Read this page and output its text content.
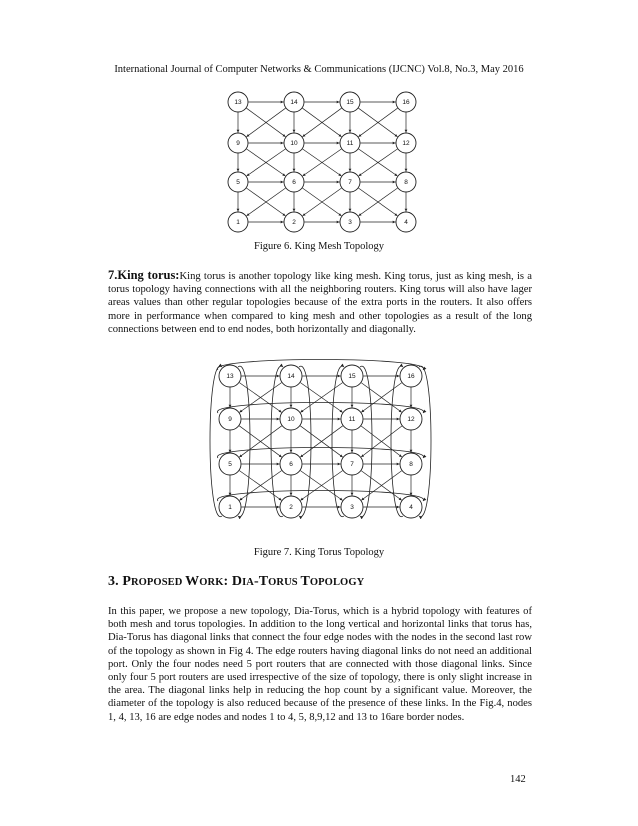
International Journal of Computer Networks & Communications (IJCNC) Vol.8, No.3, May 2016
1	2	3	4
5	6	7	8
9	10	11	12
13	14	15	16
Figure 6. King Mesh Topology
7.King torus:King torus is another topology like king mesh. King torus, just as king mesh, is a torus topology having connections with all the neighboring routers. King torus will also have lager areas values than other regular topologies because of the extra ports in the routers. It also offers more in performance when compared to king mesh and other topologies as a result of the long connections between end to end nodes, both horizontally and diagonally.
1	2	3	4
5	6	7	8
9	10	11	12
13	14	15	16
Figure 7. King Torus Topology
3. PROPOSED WORK: DIA-TORUS TOPOLOGY
In this paper, we propose a new topology, Dia-Torus, which is a hybrid topology with features of both mesh and torus topologies. In addition to the long vertical and horizontal links that torus has, Dia-Torus has diagonal links that connect the four edge nodes with the nodes in the second last row of the topology as shown in Fig 4. The edge routers having diagonal links do not need an additional port. Only the four nodes need 5 port routers that are connected with those diagonal links. Since only four 5 port routers are used irrespective of the size of topology, there is only slight increase in the area. The diagonal links help in reducing the hop count by a significant value. Moreover, the diameter of the topology is also reduced because of the presence of these links. In the Fig.4, nodes 1, 4, 13, 16 are edge nodes and nodes 1 to 4, 5, 8,9,12 and 13 to 16are border nodes.
142
